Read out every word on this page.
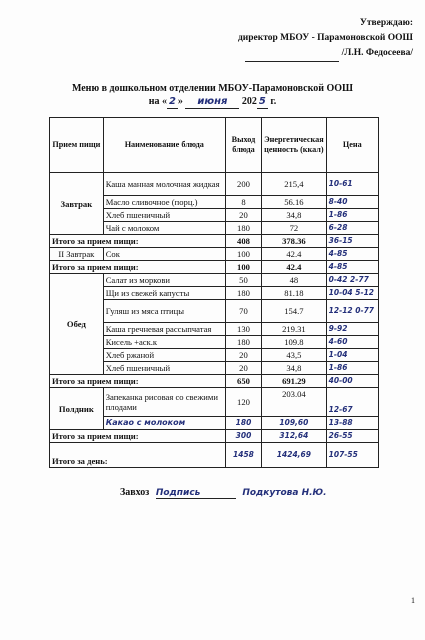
Утверждаю:
директор МБОУ - Парамоновской ООШ
/Л.Н. Федосеева/
Меню в дошкольном отделении МБОУ-Парамоновской ООШ
на « 2 » июня 202 5 г.
Прием пищи	Наименование блюда	Выход блюда	Энергетическая ценность (ккал)	Цена
Завтрак	Каша манная молочная жидкая	200	215,4	10-61
	Масло сливочное (порц.)	8	56.16	8-40
	Хлеб пшеничный	20	34,8	1-86
	Чай с молоком	180	72	6-28
Итого за прием пищи:		408	378.36	36-15
II Завтрак	Сок	100	42.4	4-85
Итого за прием пищи:		100	42.4	4-85
Обед	Салат из моркови	50	48	0-42 2-77
	Щи из свежей капусты	180	81.18	10-04 5-12
	Гуляш из мяса птицы	70	154.7	12-12 0-77
	Каша гречневая рассыпчатая	130	219.31	9-92
	Кисель +аск.к	180	109.8	4-60
	Хлеб ржаной	20	43,5	1-04
	Хлеб пшеничный	20	34,8	1-86
Итого за прием пищи:		650	691.29	40-00
Полдник	Запеканка рисовая со свежими плодами	120	203.04	12-67
	Какао с молоком	180	109,60	13-88
Итого за прием пищи:		300	312,64	26-55
Итого за день:		1458	1424,69	107-55
Завхоз Подпись	Подкутова Н.Ю.
1
